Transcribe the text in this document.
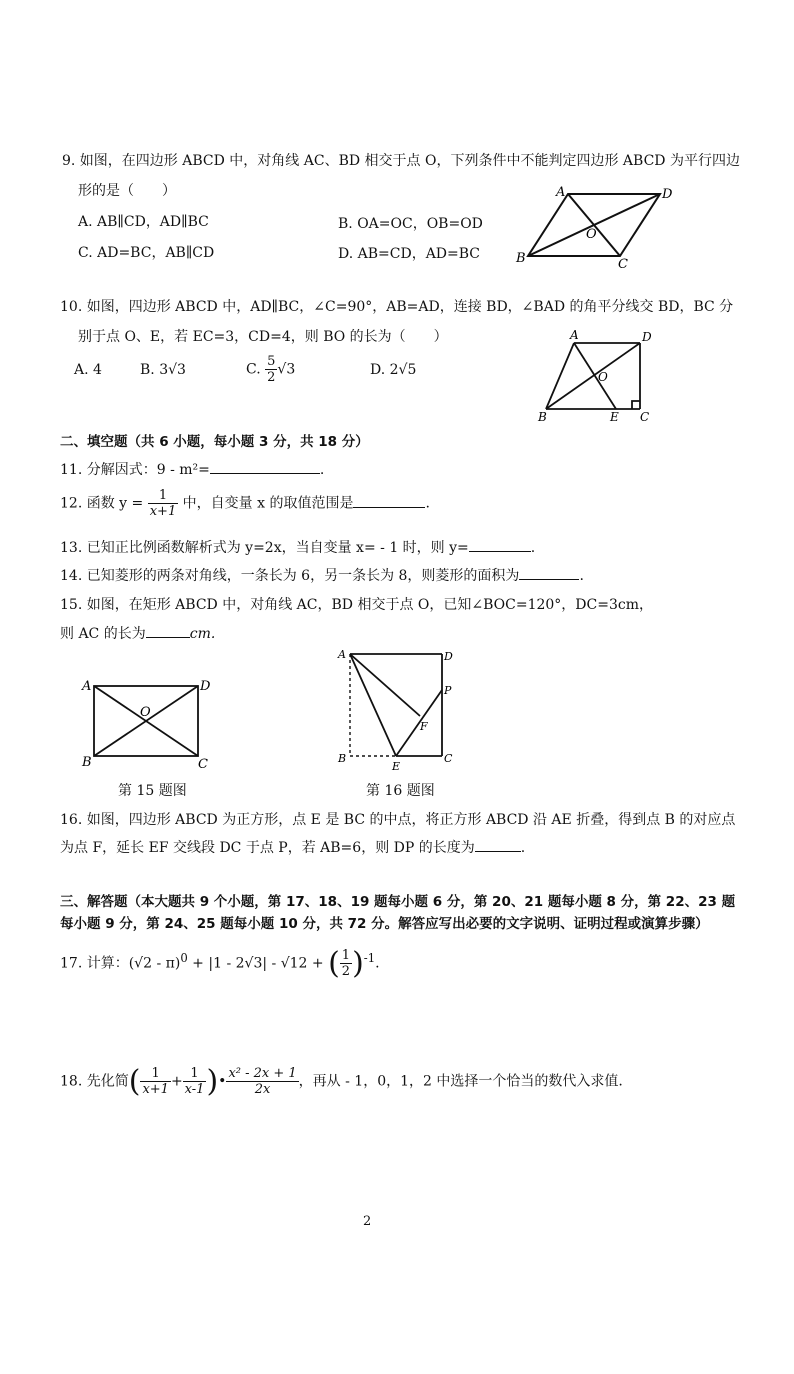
9. 如图，在四边形 ABCD 中，对角线 AC、BD 相交于点 O，下列条件中不能判定四边形 ABCD 为平行四边
形的是（　　）
A. AB∥CD，AD∥BC	B. OA=OC，OB=OD
C. AD=BC，AB∥CD	D. AB=CD，AD=BC
A	D
B	C
O
10. 如图，四边形 ABCD 中，AD∥BC，∠C=90°，AB=AD，连接 BD，∠BAD 的角平分线交 BD，BC 分
别于点 O、E，若 EC=3，CD=4，则 BO 的长为（　　）
A. 4	B. 3√3	C. $\frac{5}{2} √3$	D. 2√5
A	D
B	E C
O
二、填空题（共 6 小题，每小题 3 分，共 18 分）
11. 分解因式：9 - m²=	.
12. 函数 $y = \frac{1}{x+1}$ 中，自变量 x 的取值范围是	.
13. 已知正比例函数解析式为 y=2x，当自变量 x= - 1 时，则 y=	.
14. 已知菱形的两条对角线，一条长为 6，另一条长为 8，则菱形的面积为	.
15. 如图，在矩形 ABCD 中，对角线 AC，BD 相交于点 O，已知∠BOC=120°，DC=3cm，
则 AC 的长为	cm.
A	D
B	C
O
第 15 题图
A	D
P
F
B
E
C
第 16 题图
16. 如图，四边形 ABCD 为正方形，点 E 是 BC 的中点，将正方形 ABCD 沿 AE 折叠，得到点 B 的对应点
为点 F，延长 EF 交线段 DC 于点 P，若 AB=6，则 DP 的长度为	.
三、解答题（本大题共 9 个小题，第 17、18、19 题每小题 6 分，第 20、21 题每小题 8 分，第 22、23 题
每小题 9 分，第 24、25 题每小题 10 分，共 72 分。解答应写出必要的文字说明、证明过程或演算步骤）
17. 计算：(√2 - π)$^0$ + |1 - 2√3| - √12 + ( $\frac{1}{2} )^{-1}$.
18. 先化简( $\frac{1}{x+1} + \frac{1}{x-1}$ )• $\frac{\text{x² - 2x + 1}}{2x}$ ，再从 - 1，0，1，2 中选择一个恰当的数代入求值.
2
